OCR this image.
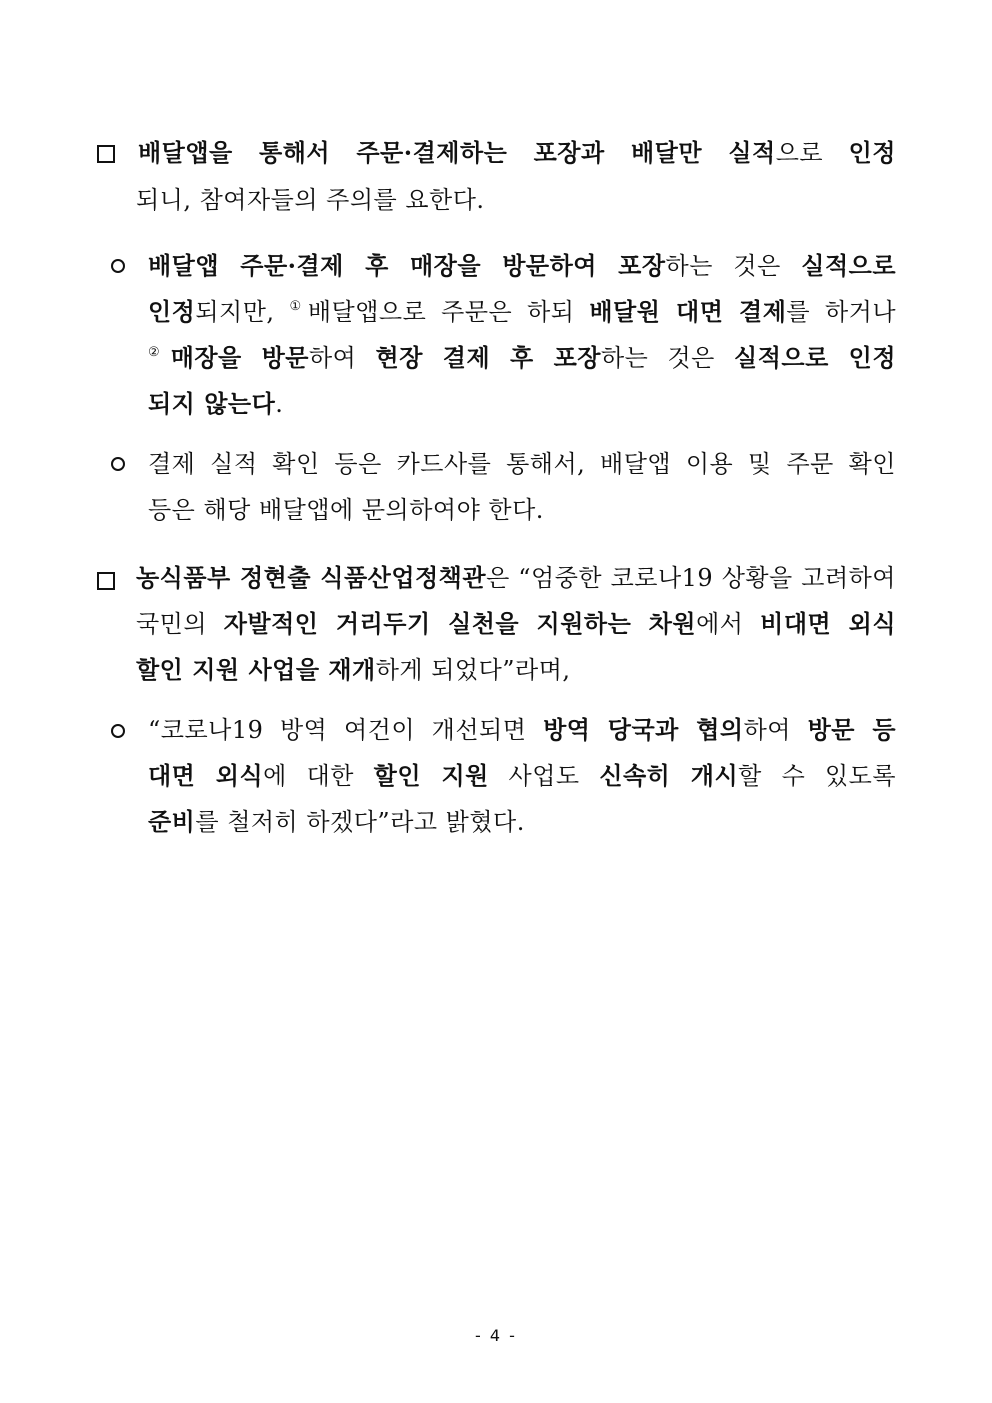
배달앱을 통해서 주문·결제하는 포장과 배달만 실적으로 인정
되니, 참여자들의 주의를 요한다.
배달앱 주문·결제 후 매장을 방문하여 포장하는 것은 실적으로
인정되지만, ①배달앱으로 주문은 하되 배달원 대면 결제를 하거나
②매장을 방문하여 현장 결제 후 포장하는 것은 실적으로 인정
되지 않는다.
결제 실적 확인 등은 카드사를 통해서, 배달앱 이용 및 주문 확인
등은 해당 배달앱에 문의하여야 한다.
농식품부 정현출 식품산업정책관은 “엄중한 코로나19 상황을 고려하여
국민의 자발적인 거리두기 실천을 지원하는 차원에서 비대면 외식
할인 지원 사업을 재개하게 되었다”라며,
“코로나19 방역 여건이 개선되면 방역 당국과 협의하여 방문 등
대면 외식에 대한 할인 지원 사업도 신속히 개시할 수 있도록
준비를 철저히 하겠다”라고 밝혔다.
- 4 -
